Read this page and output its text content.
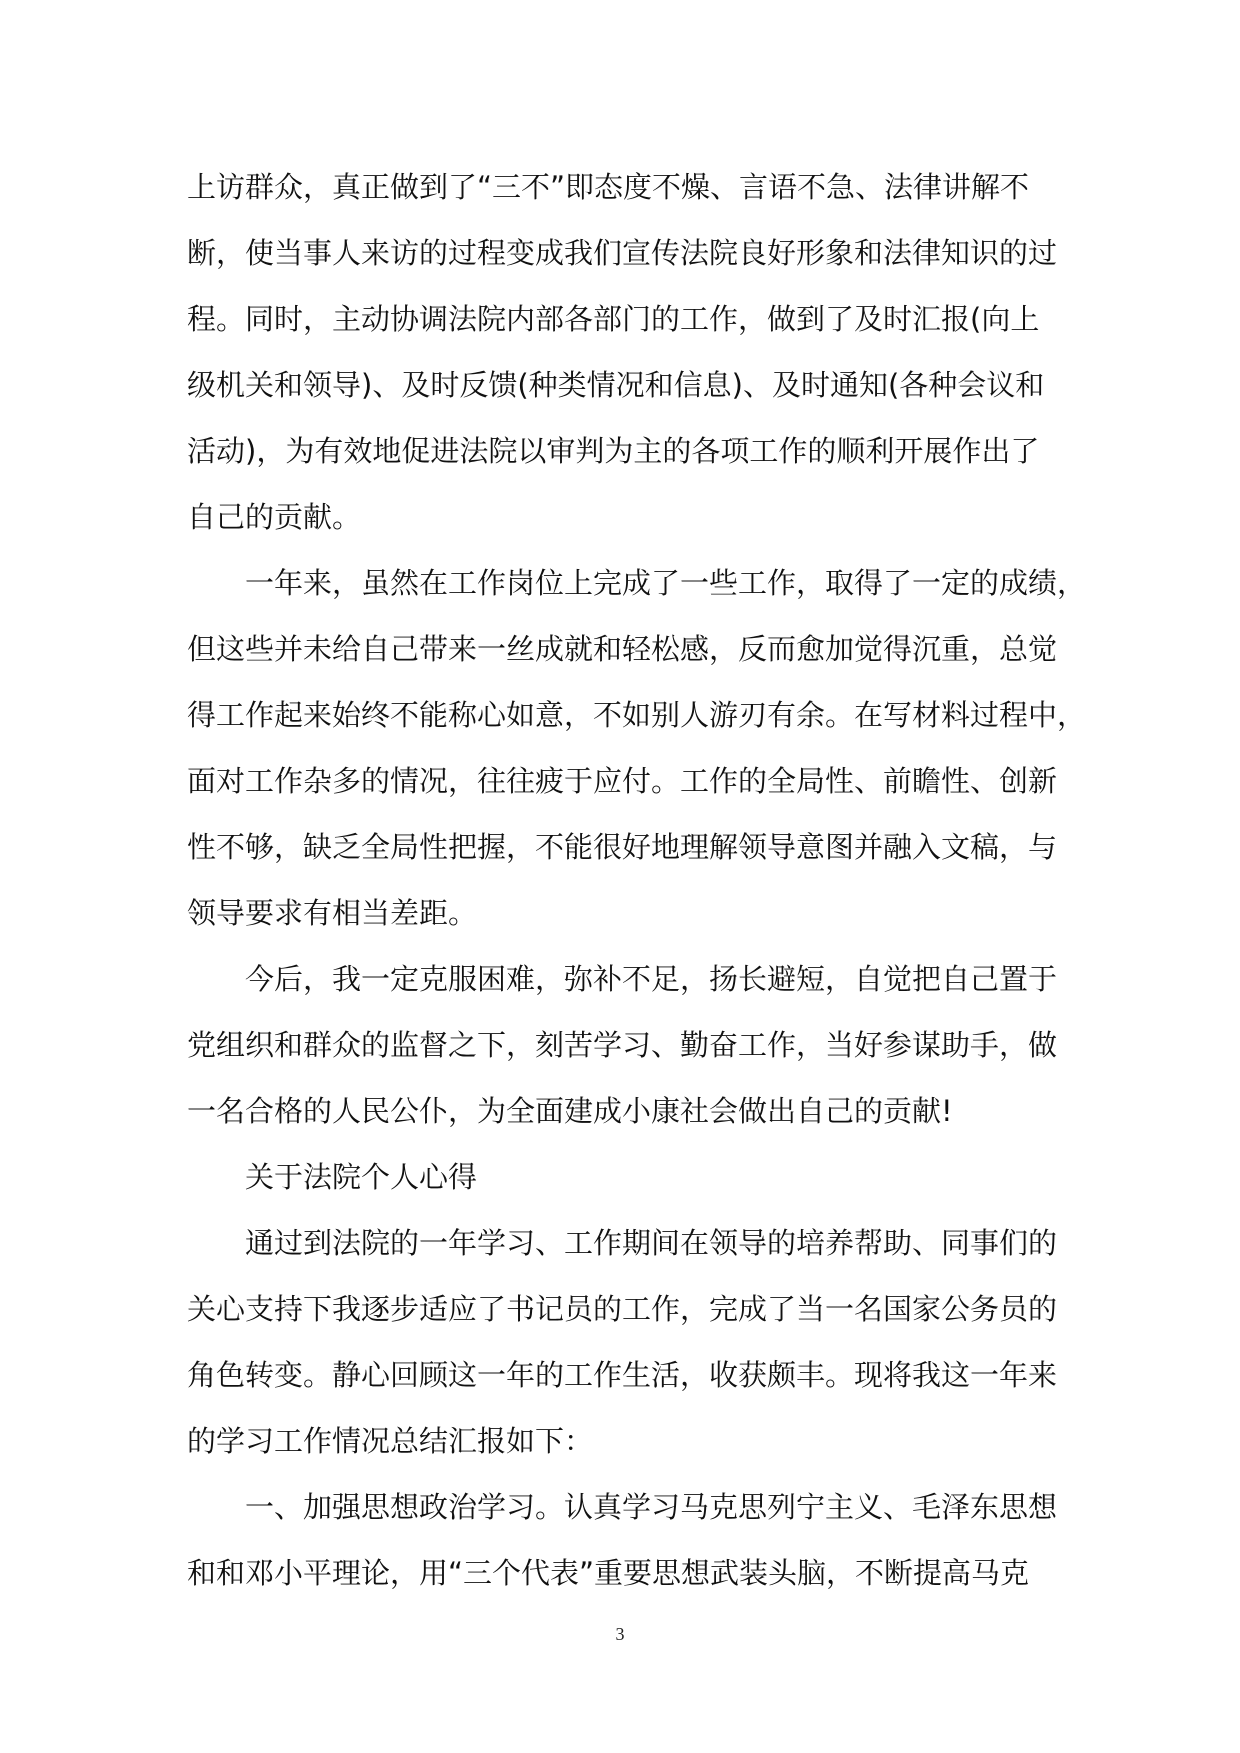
上访群众，真正做到了“三不”即态度不燥、言语不急、法律讲解不
断，使当事人来访的过程变成我们宣传法院良好形象和法律知识的过
程。同时，主动协调法院内部各部门的工作，做到了及时汇报(向上
级机关和领导)、及时反馈(种类情况和信息)、及时通知(各种会议和
活动)，为有效地促进法院以审判为主的各项工作的顺利开展作出了
自己的贡献。
一年来，虽然在工作岗位上完成了一些工作，取得了一定的成绩，
但这些并未给自己带来一丝成就和轻松感，反而愈加觉得沉重，总觉
得工作起来始终不能称心如意，不如别人游刃有余。在写材料过程中，
面对工作杂多的情况，往往疲于应付。工作的全局性、前瞻性、创新
性不够，缺乏全局性把握，不能很好地理解领导意图并融入文稿，与
领导要求有相当差距。
今后，我一定克服困难，弥补不足，扬长避短，自觉把自己置于
党组织和群众的监督之下，刻苦学习、勤奋工作，当好参谋助手，做
一名合格的人民公仆，为全面建成小康社会做出自己的贡献!
关于法院个人心得
通过到法院的一年学习、工作期间在领导的培养帮助、同事们的
关心支持下我逐步适应了书记员的工作，完成了当一名国家公务员的
角色转变。静心回顾这一年的工作生活，收获颇丰。现将我这一年来
的学习工作情况总结汇报如下：
一、加强思想政治学习。认真学习马克思列宁主义、毛泽东思想
和和邓小平理论，用“三个代表”重要思想武装头脑，不断提高马克
3
